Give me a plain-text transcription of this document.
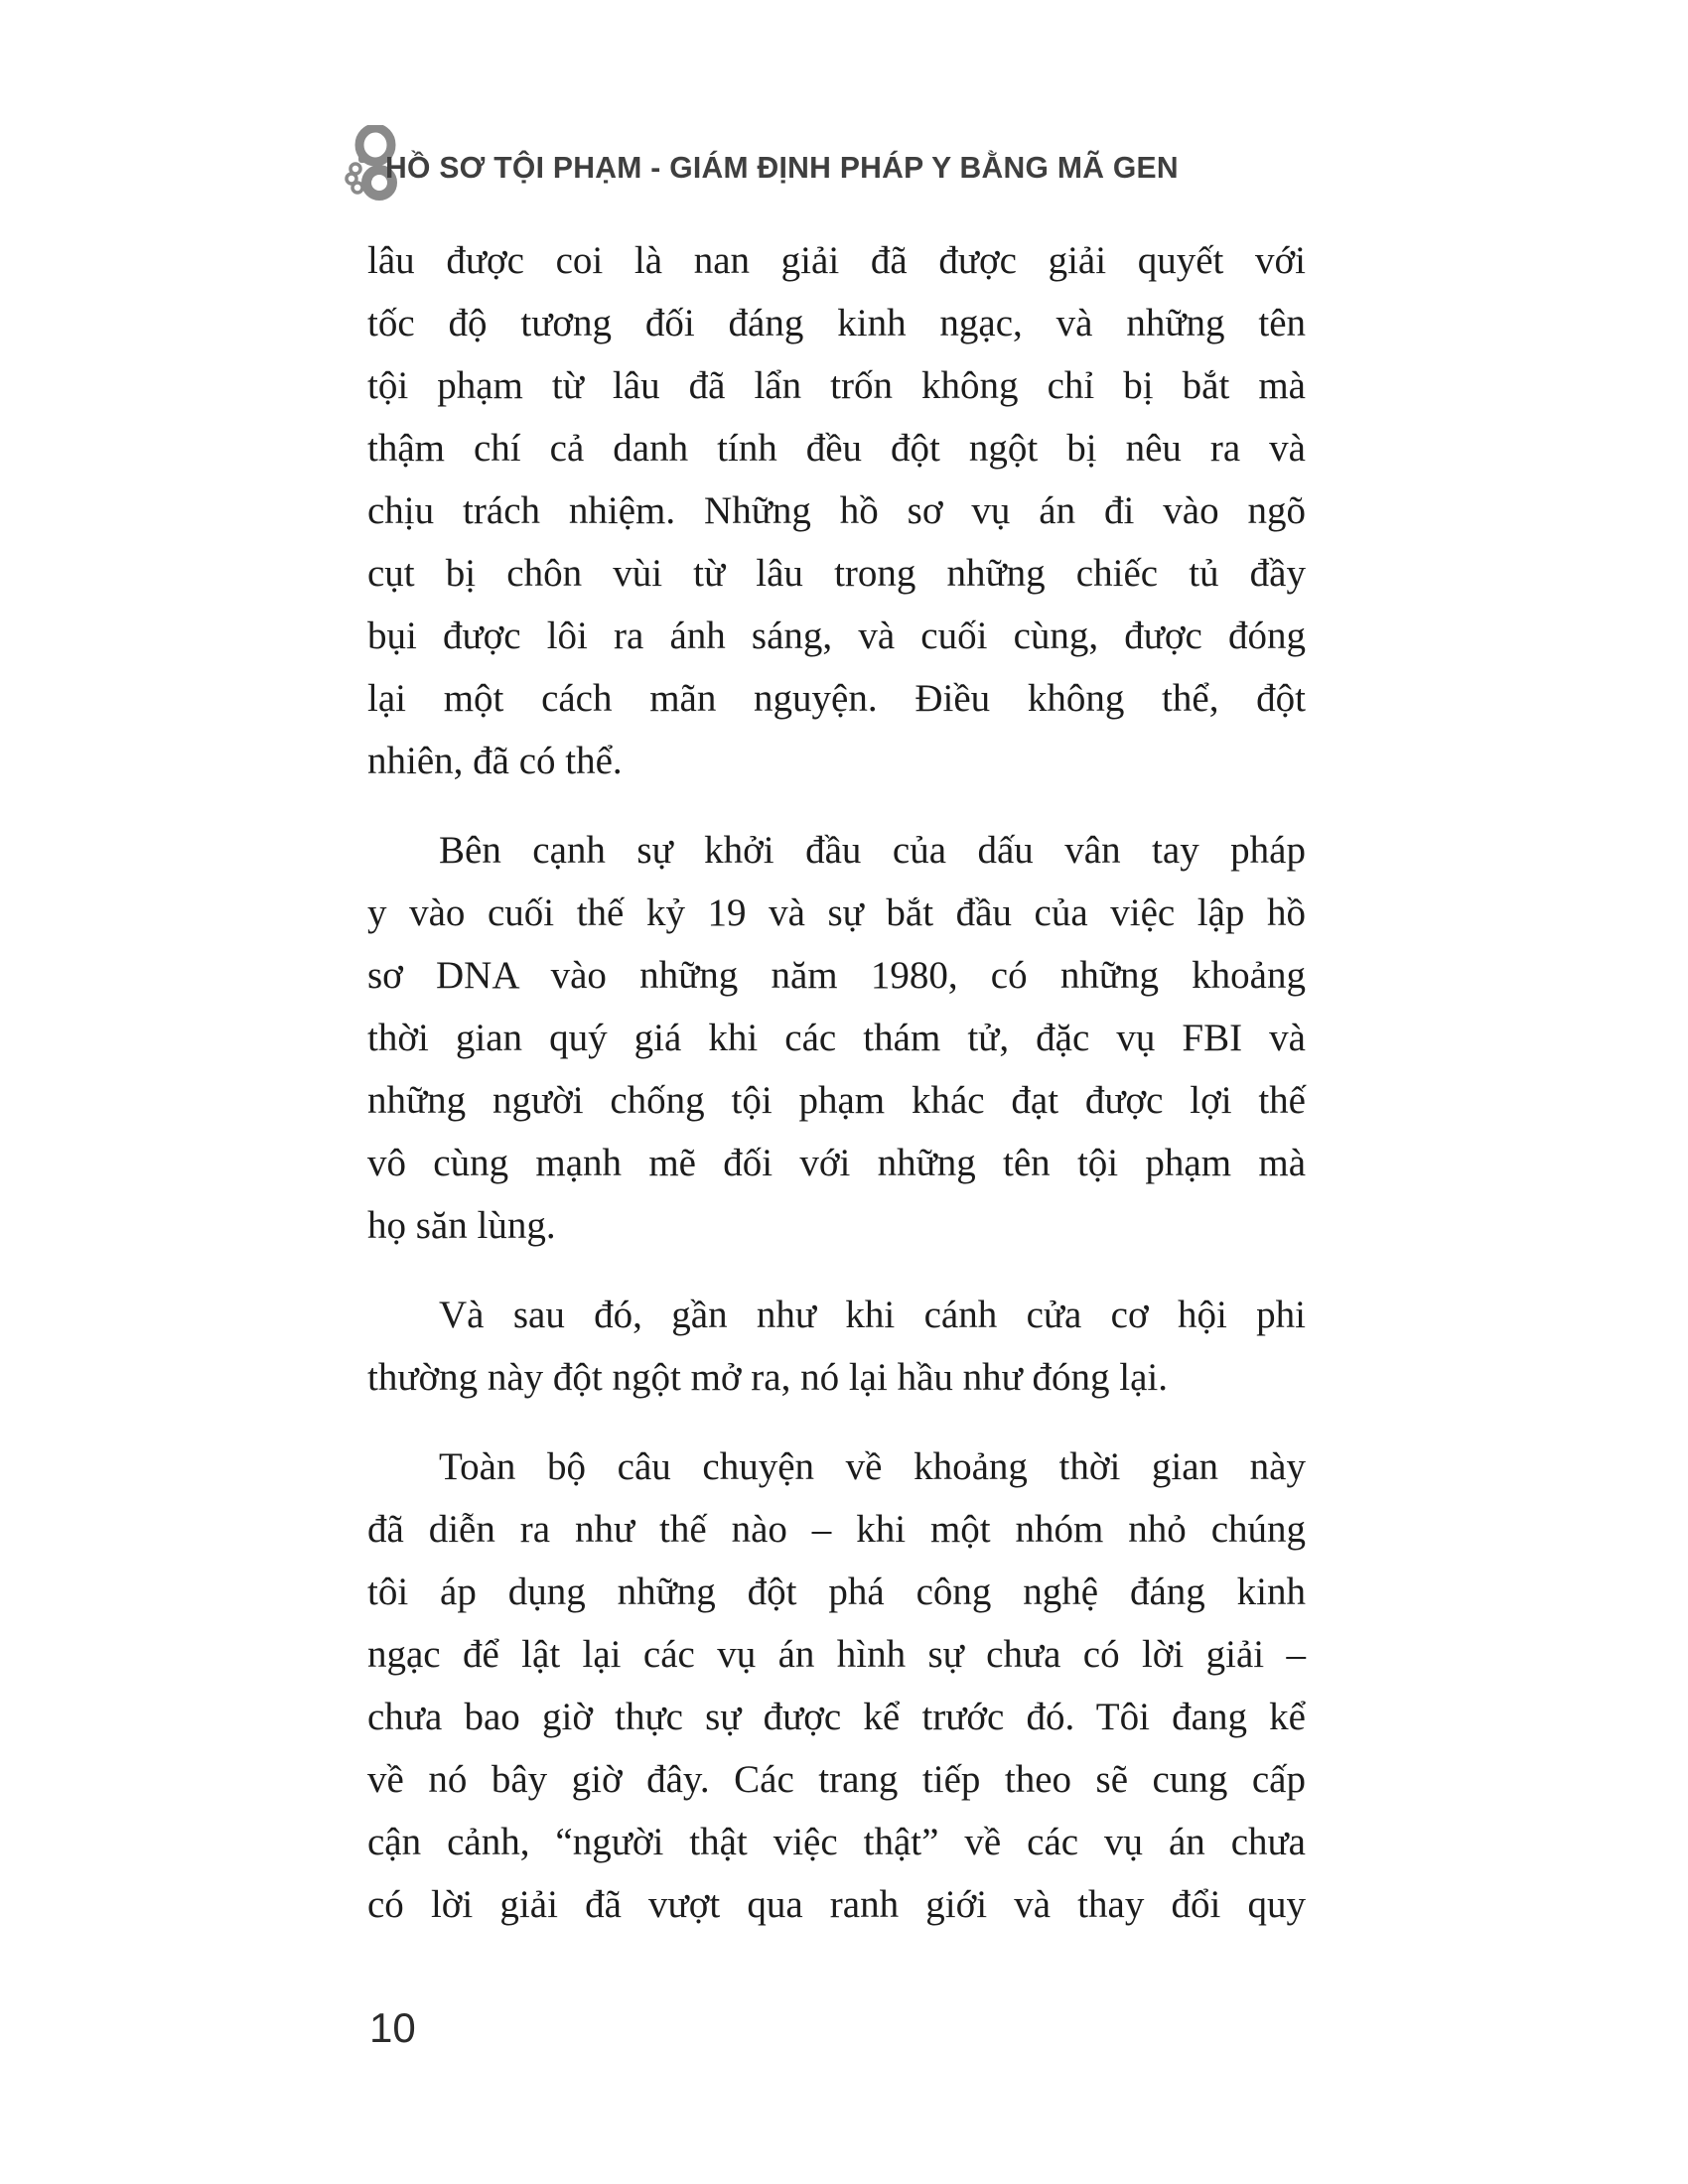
HỒ SƠ TỘI PHẠM - GIÁM ĐỊNH PHÁP Y BẰNG MÃ GEN
lâu được coi là nan giải đã được giải quyết với
tốc độ tương đối đáng kinh ngạc, và những tên
tội phạm từ lâu đã lẩn trốn không chỉ bị bắt mà
thậm chí cả danh tính đều đột ngột bị nêu ra và
chịu trách nhiệm. Những hồ sơ vụ án đi vào ngõ
cụt bị chôn vùi từ lâu trong những chiếc tủ đầy
bụi được lôi ra ánh sáng, và cuối cùng, được đóng
lại một cách mãn nguyện. Điều không thể, đột
nhiên, đã có thể.
Bên cạnh sự khởi đầu của dấu vân tay pháp
y vào cuối thế kỷ 19 và sự bắt đầu của việc lập hồ
sơ DNA vào những năm 1980, có những khoảng
thời gian quý giá khi các thám tử, đặc vụ FBI và
những người chống tội phạm khác đạt được lợi thế
vô cùng mạnh mẽ đối với những tên tội phạm mà
họ săn lùng.
Và sau đó, gần như khi cánh cửa cơ hội phi
thường này đột ngột mở ra, nó lại hầu như đóng lại.
Toàn bộ câu chuyện về khoảng thời gian này
đã diễn ra như thế nào – khi một nhóm nhỏ chúng
tôi áp dụng những đột phá công nghệ đáng kinh
ngạc để lật lại các vụ án hình sự chưa có lời giải –
chưa bao giờ thực sự được kể trước đó. Tôi đang kể
về nó bây giờ đây. Các trang tiếp theo sẽ cung cấp
cận cảnh, “người thật việc thật” về các vụ án chưa
có lời giải đã vượt qua ranh giới và thay đổi quy
10
